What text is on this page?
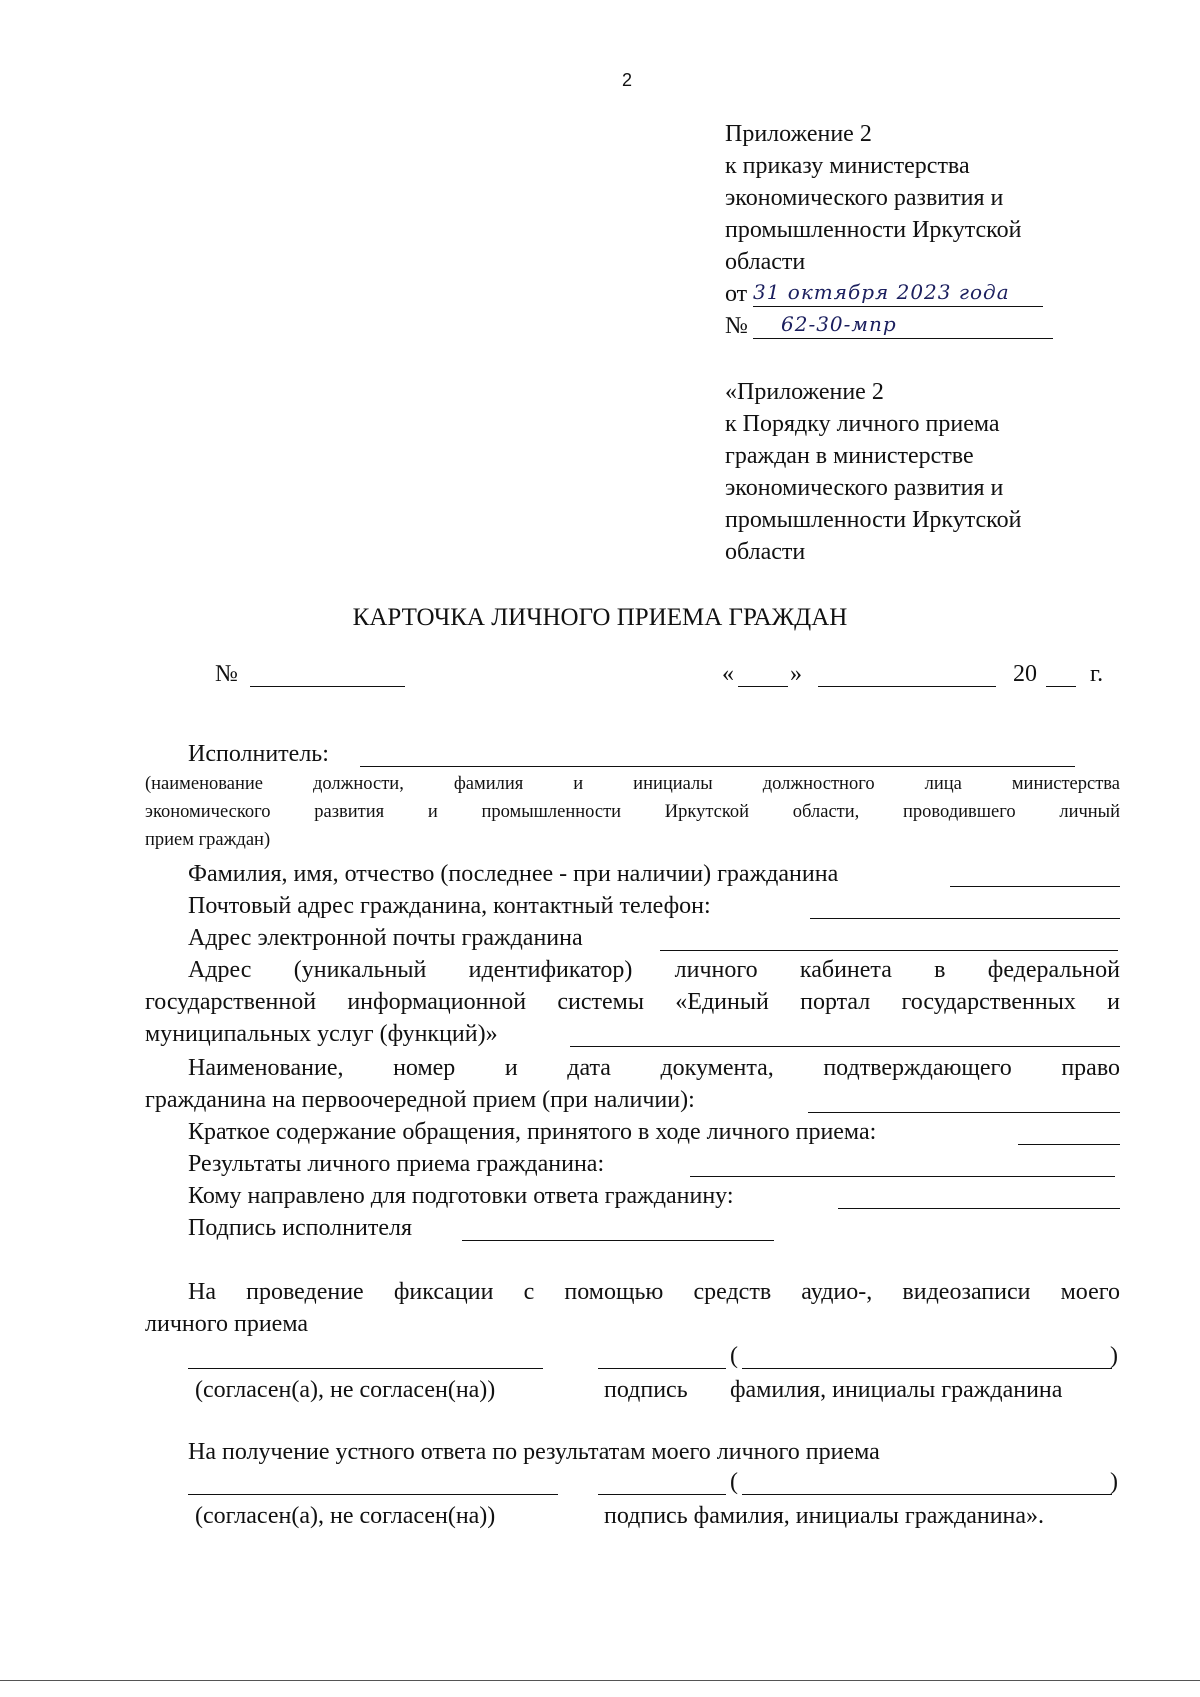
2
Приложение 2
к приказу министерства
экономического развития и
промышленности Иркутской
области
от 31 октября 2023 года
№ 62-30-мпр
«Приложение 2
к Порядку личного приема
граждан в министерстве
экономического развития и
промышленности Иркутской
области
КАРТОЧКА ЛИЧНОГО ПРИЕМА ГРАЖДАН
№	« »	20 г.
Исполнитель:
(наименование должности, фамилия и инициалы должностного лица министерства
экономического развития и промышленности Иркутской области, проводившего личный
прием граждан)
Фамилия, имя, отчество (последнее - при наличии) гражданина
Почтовый адрес гражданина, контактный телефон:
Адрес электронной почты гражданина
Адрес (уникальный идентификатор) личного кабинета в федеральной
государственной информационной системы «Единый портал государственных и
муниципальных услуг (функций)»
Наименование, номер и дата документа, подтверждающего право
гражданина на первоочередной прием (при наличии):
Краткое содержание обращения, принятого в ходе личного приема:
Результаты личного приема гражданина:
Кому направлено для подготовки ответа гражданину:
Подпись исполнителя
На проведение фиксации с помощью средств аудио-, видеозаписи моего
личного приема
(	)
(согласен(а), не согласен(на))	подпись фамилия, инициалы гражданина
На получение устного ответа по результатам моего личного приема
(	)
(согласен(а), не согласен(на))	подпись фамилия, инициалы гражданина».
